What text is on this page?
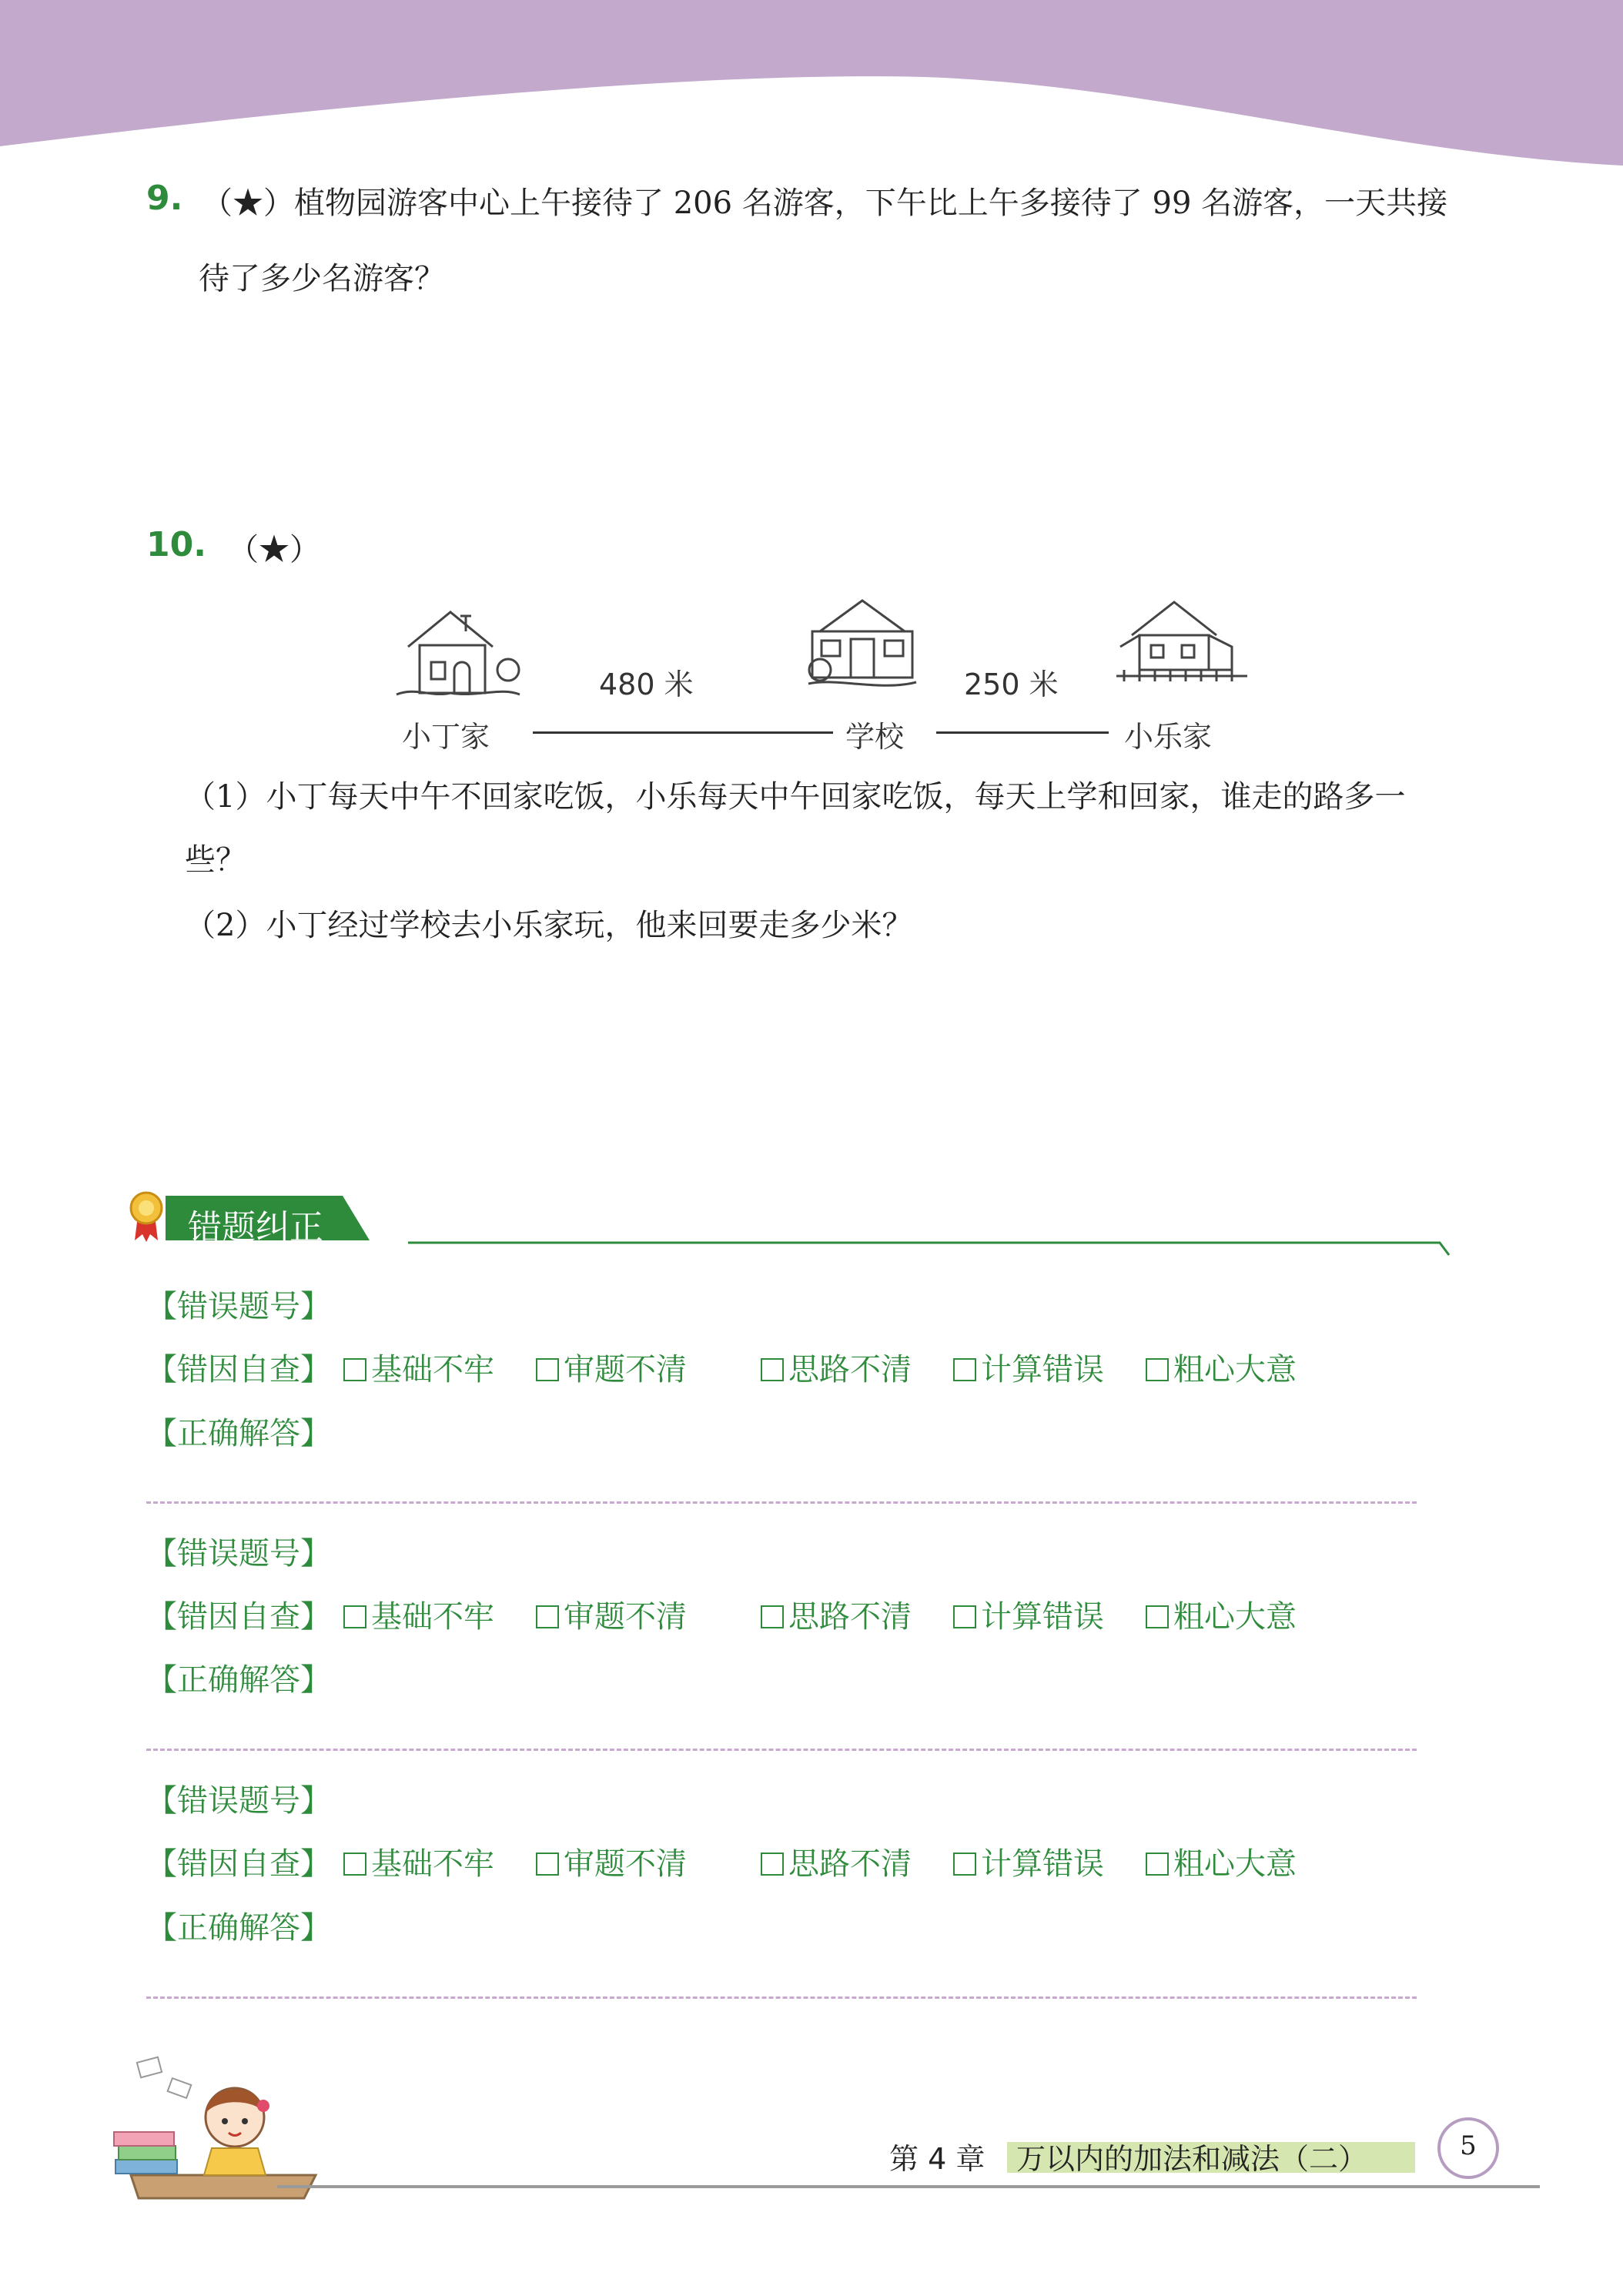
9. （★）植物园游客中心上午接待了 206 名游客，下午比上午多接待了 99 名游客，一天共接
待了多少名游客？
10. （★）
480 米	250 米
小丁家	学校	小乐家
（1）小丁每天中午不回家吃饭，小乐每天中午回家吃饭，每天上学和回家，谁走的路多一
些？
（2）小丁经过学校去小乐家玩，他来回要走多少米？
错题纠正
【错误题号】
【错因自查】	基础不牢	审题不清	思路不清	计算错误	粗心大意
【正确解答】
【错误题号】
【错因自查】	基础不牢	审题不清	思路不清	计算错误	粗心大意
【正确解答】
【错误题号】
【错因自查】	基础不牢	审题不清	思路不清	计算错误	粗心大意
【正确解答】
第 4 章 万以内的加法和减法（二）	5
